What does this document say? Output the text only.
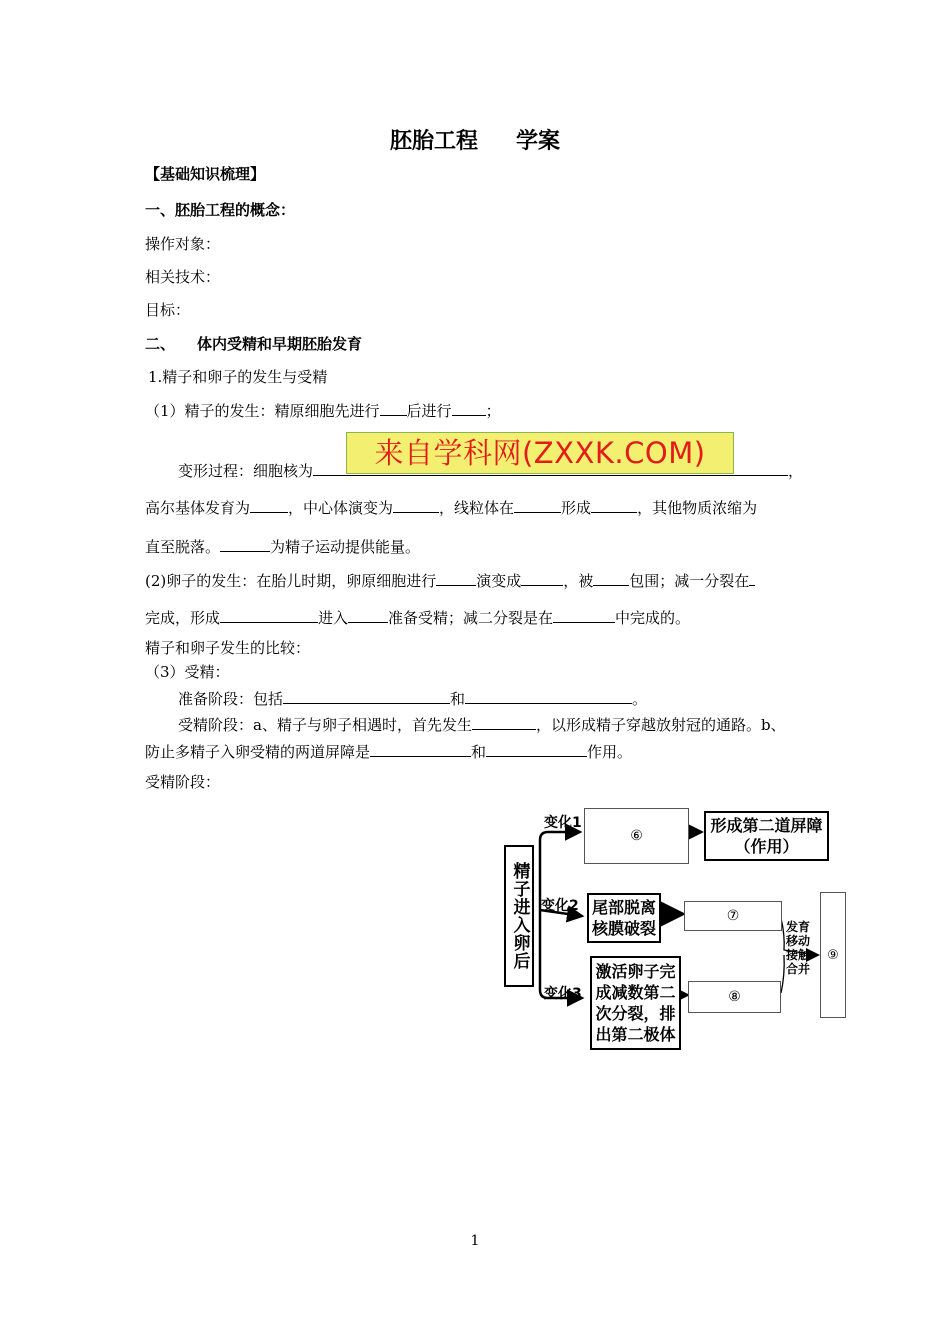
胚胎工程 学案
【基础知识梳理】
一、胚胎工程的概念：
操作对象：
相关技术：
目标：
二、 体内受精和早期胚胎发育
1.精子和卵子的发生与受精
（1）精子的发生：精原细胞先进行 后进行 ；
变形过程：细胞核为	，
来自学科网(ZXXK.COM)
高尔基体发育为	，中心体演变为	，线粒体在	形成	，其他物质浓缩为
直至脱落。	为精子运动提供能量。
(2)卵子的发生：在胎儿时期，卵原细胞进行	演变成	，被 包围；减一分裂在
完成，形成	进入	准备受精；减二分裂是在	中完成的。
精子和卵子发生的比较：
（3）受精：
准备阶段：包括	和	。
受精阶段：a、精子与卵子相遇时，首先发生	，以形成精子穿越放射冠的通路。b、
防止多精子入卵受精的两道屏障是	和	作用。
受精阶段：
精子进入卵后
变化1
变化2
变化3
⑥
形成第二道屏障
（作用）
尾部脱离
核膜破裂
⑦
激活卵子完
成减数第二
次分裂，排
出第二极体
⑧
发育
移动
接触
合并
⑨
1
